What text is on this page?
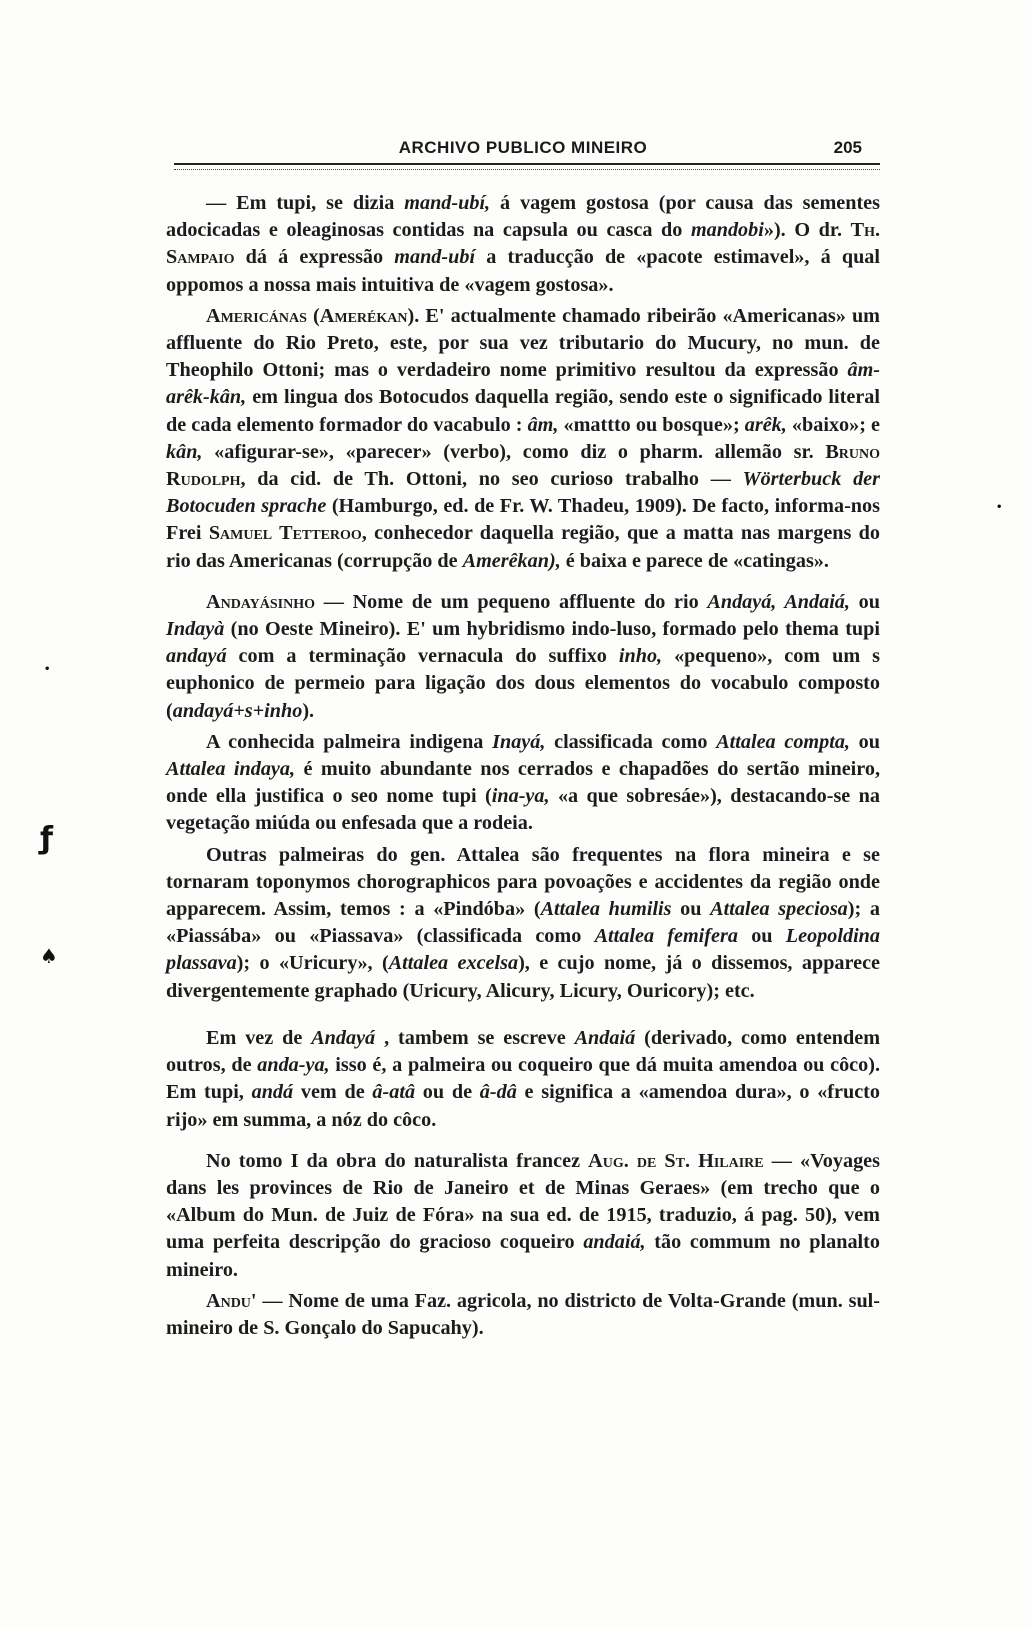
ARCHIVO PUBLICO MINEIRO	205
•
ƒ
♠
•

— Em tupi, se dizia mand-ubí, á vagem gostosa (por causa das sementes adocicadas e oleaginosas contidas na capsula ou casca do mandobi»). O dr. Th. Sampaio dá á expressão mand-ubí a traducção de «pacote estimavel», á qual oppomos a nossa mais intuitiva de «vagem gostosa».

Americánas (Amerékan). E' actualmente chamado ribeirão «Americanas» um affluente do Rio Preto, este, por sua vez tributario do Mucury, no mun. de Theophilo Ottoni; mas o verdadeiro nome primitivo resultou da expressão âm-arêk-kân, em lingua dos Botocudos daquella região, sendo este o significado literal de cada elemento formador do vacabulo : âm, «mattto ou bosque»; arêk, «baixo»; e kân, «afigurar-se», «parecer» (verbo), como diz o pharm. allemão sr. Bruno Rudolph, da cid. de Th. Ottoni, no seo curioso trabalho — Wörterbuck der Botocuden sprache (Hamburgo, ed. de Fr. W. Thadeu, 1909). De facto, informa-nos Frei Samuel Tetteroo, conhecedor daquella região, que a matta nas margens do rio das Americanas (corrupção de Amerêkan), é baixa e parece de «catingas».

Andayásinho — Nome de um pequeno affluente do rio Andayá, Andaiá, ou Indayà (no Oeste Mineiro). E' um hybridismo indo-luso, formado pelo thema tupi andayá com a terminação vernacula do suffixo inho, «pequeno», com um s euphonico de permeio para ligação dos dous elementos do vocabulo composto (andayá+s+inho).

A conhecida palmeira indigena Inayá, classificada como Attalea compta, ou Attalea indaya, é muito abundante nos cerrados e chapadões do sertão mineiro, onde ella justifica o seo nome tupi (ina-ya, «a que sobresáe»), destacando-se na vegetação miúda ou enfesada que a rodeia.

Outras palmeiras do gen. Attalea são frequentes na flora mineira e se tornaram toponymos chorographicos para povoações e accidentes da região onde apparecem. Assim, temos : a «Pindóba» (Attalea humilis ou Attalea speciosa); a «Piassába» ou «Piassava» (classificada como Attalea femifera ou Leopoldina plassava); o «Uricury», (Attalea excelsa), e cujo nome, já o dissemos, apparece divergentemente graphado (Uricury, Alicury, Licury, Ouricory); etc.

Em vez de Andayá , tambem se escreve Andaiá (derivado, como entendem outros, de anda-ya, isso é, a palmeira ou coqueiro que dá muita amendoa ou côco). Em tupi, andá vem de â-atâ ou de â-dâ e significa a «amendoa dura», o «fructo rijo» em summa, a nóz do côco.

No tomo I da obra do naturalista francez Aug. de St. Hilaire — «Voyages dans les provinces de Rio de Janeiro et de Minas Geraes» (em trecho que o «Album do Mun. de Juiz de Fóra» na sua ed. de 1915, traduzio, á pag. 50), vem uma perfeita descripção do gracioso coqueiro andaiá, tão commum no planalto mineiro.

Andu' — Nome de uma Faz. agricola, no districto de Volta-Grande (mun. sul-mineiro de S. Gonçalo do Sapucahy).
